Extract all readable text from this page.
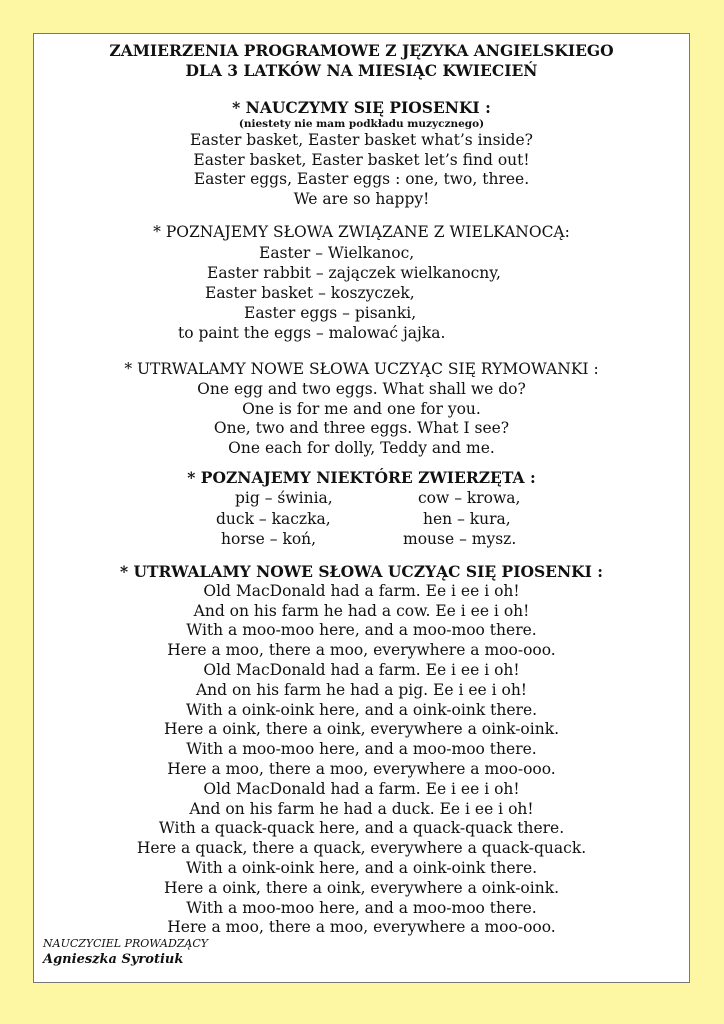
ZAMIERZENIA PROGRAMOWE Z JĘZYKA ANGIELSKIEGO
DLA 3 LATKÓW NA MIESIĄC KWIECIEŃ
* NAUCZYMY SIĘ PIOSENKI :
(niestety nie mam podkładu muzycznego)
Easter basket, Easter basket what’s inside?
Easter basket, Easter basket let’s find out!
Easter eggs, Easter eggs : one, two, three.
We are so happy!
* POZNAJEMY SŁOWA ZWIĄZANE Z WIELKANOCĄ:
Easter – Wielkanoc,
Easter rabbit – zajączek wielkanocny,
Easter basket – koszyczek,
Easter eggs – pisanki,
to paint the eggs – malować jajka.
* UTRWALAMY NOWE SŁOWA UCZYĄC SIĘ RYMOWANKI :
One egg and two eggs. What shall we do?
One is for me and one for you.
One, two and three eggs. What I see?
One each for dolly, Teddy and me.
* POZNAJEMY NIEKTÓRE ZWIERZĘTA :
pig – świnia,	cow – krowa,
duck – kaczka,	hen – kura,
horse – koń,	mouse – mysz.
* UTRWALAMY NOWE SŁOWA UCZYĄC SIĘ PIOSENKI :
Old MacDonald had a farm. Ee i ee i oh!
And on his farm he had a cow. Ee i ee i oh!
With a moo-moo here, and a moo-moo there.
Here a moo, there a moo, everywhere a moo-ooo.
Old MacDonald had a farm. Ee i ee i oh!
And on his farm he had a pig. Ee i ee i oh!
With a oink-oink here, and a oink-oink there.
Here a oink, there a oink, everywhere a oink-oink.
With a moo-moo here, and a moo-moo there.
Here a moo, there a moo, everywhere a moo-ooo.
Old MacDonald had a farm. Ee i ee i oh!
And on his farm he had a duck. Ee i ee i oh!
With a quack-quack here, and a quack-quack there.
Here a quack, there a quack, everywhere a quack-quack.
With a oink-oink here, and a oink-oink there.
Here a oink, there a oink, everywhere a oink-oink.
With a moo-moo here, and a moo-moo there.
Here a moo, there a moo, everywhere a moo-ooo.
NAUCZYCIEL PROWADZĄCY
Agnieszka Syrotiuk
